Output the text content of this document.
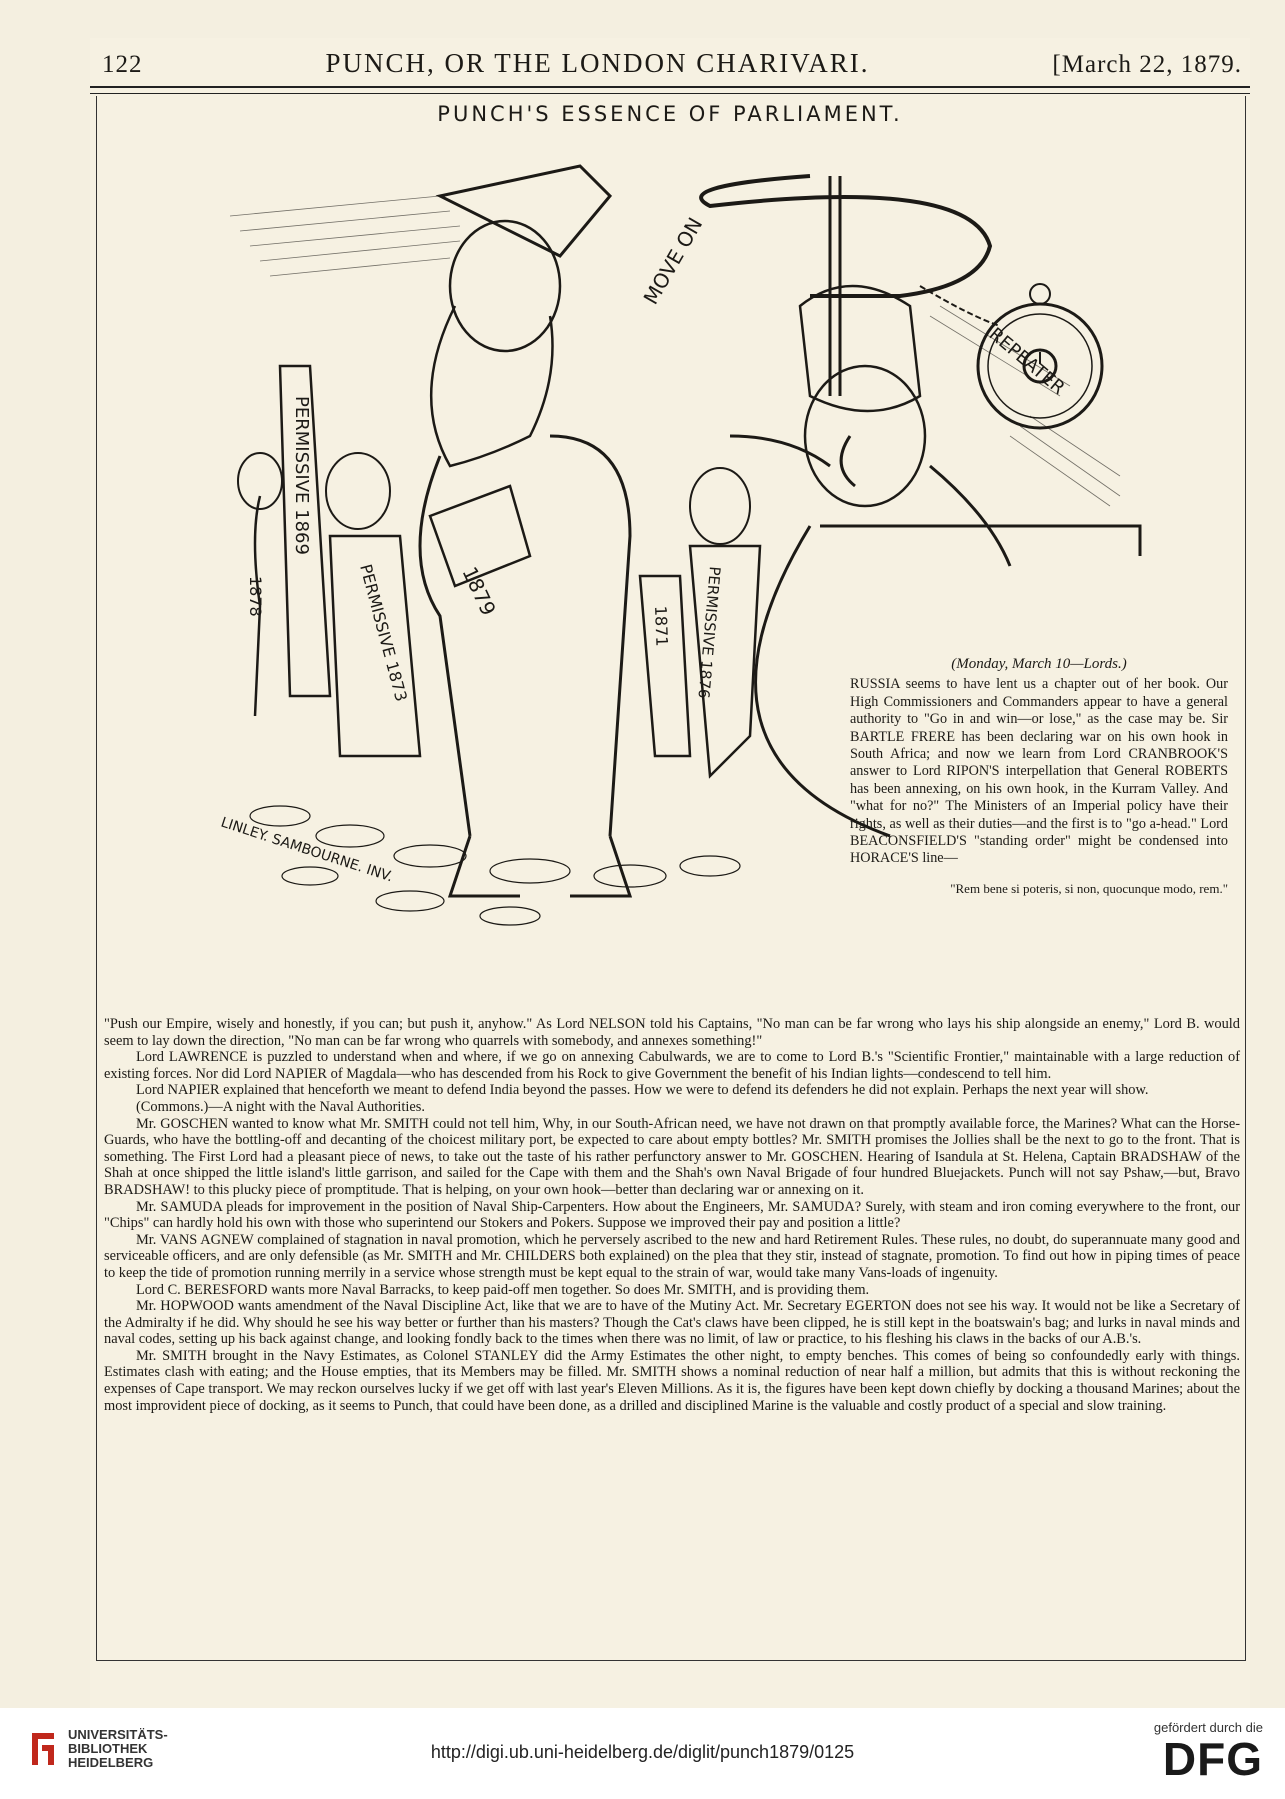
122	PUNCH, OR THE LONDON CHARIVARI.	[March 22, 1879.
PUNCH'S ESSENCE OF PARLIAMENT.
MOVE ON
REPEATER
1879
1878
PERMISSIVE 1869
PERMISSIVE 1873	1871 PERMISSIVE 1876
LINLEY. SAMBOURNE. INV.
(Monday, March 10—Lords.)
RUSSIA seems to have lent us a chapter out of her book. Our High Commissioners and Commanders appear to have a general authority to "Go in and win—or lose," as the case may be. Sir BARTLE FRERE has been declaring war on his own hook in South Africa; and now we learn from Lord CRANBROOK'S answer to Lord RIPON'S interpellation that General ROBERTS has been annexing, on his own hook, in the Kurram Valley. And "what for no?" The Ministers of an Imperial policy have their rights, as well as their duties—and the first is to "go a-head." Lord BEACONSFIELD'S "standing order" might be condensed into HORACE'S line—
"Rem bene si poteris, si non, quocunque modo, rem."

"Push our Empire, wisely and honestly, if you can; but push it, anyhow." As Lord NELSON told his Captains, "No man can be far wrong who lays his ship alongside an enemy," Lord B. would seem to lay down the direction, "No man can be far wrong who quarrels with somebody, and annexes something!"

Lord LAWRENCE is puzzled to understand when and where, if we go on annexing Cabulwards, we are to come to Lord B.'s "Scientific Frontier," maintainable with a large reduction of existing forces. Nor did Lord NAPIER of Magdala—who has descended from his Rock to give Government the benefit of his Indian lights—condescend to tell him.

Lord NAPIER explained that henceforth we meant to defend India beyond the passes. How we were to defend its defenders he did not explain. Perhaps the next year will show.

(Commons.)—A night with the Naval Authorities.

Mr. GOSCHEN wanted to know what Mr. SMITH could not tell him, Why, in our South-African need, we have not drawn on that promptly available force, the Marines? What can the Horse-Guards, who have the bottling-off and decanting of the choicest military port, be expected to care about empty bottles? Mr. SMITH promises the Jollies shall be the next to go to the front. That is something. The First Lord had a pleasant piece of news, to take out the taste of his rather perfunctory answer to Mr. GOSCHEN. Hearing of Isandula at St. Helena, Captain BRADSHAW of the Shah at once shipped the little island's little garrison, and sailed for the Cape with them and the Shah's own Naval Brigade of four hundred Bluejackets. Punch will not say Pshaw,—but, Bravo BRADSHAW! to this plucky piece of promptitude. That is helping, on your own hook—better than declaring war or annexing on it.

Mr. SAMUDA pleads for improvement in the position of Naval Ship-Carpenters. How about the Engineers, Mr. SAMUDA? Surely, with steam and iron coming everywhere to the front, our "Chips" can hardly hold his own with those who superintend our Stokers and Pokers. Suppose we improved their pay and position a little?

Mr. VANS AGNEW complained of stagnation in naval promotion, which he perversely ascribed to the new and hard Retirement Rules. These rules, no doubt, do superannuate many good and serviceable officers, and are only defensible (as Mr. SMITH and Mr. CHILDERS both explained) on the plea that they stir, instead of stagnate, promotion. To find out how in piping times of peace to keep the tide of promotion running merrily in a service whose strength must be kept equal to the strain of war, would take many Vans-loads of ingenuity.

Lord C. BERESFORD wants more Naval Barracks, to keep paid-off men together. So does Mr. SMITH, and is providing them.

Mr. HOPWOOD wants amendment of the Naval Discipline Act, like that we are to have of the Mutiny Act. Mr. Secretary EGERTON does not see his way. It would not be like a Secretary of the Admiralty if he did. Why should he see his way better or further than his masters? Though the Cat's claws have been clipped, he is still kept in the boatswain's bag; and lurks in naval minds and naval codes, setting up his back against change, and looking fondly back to the times when there was no limit, of law or practice, to his fleshing his claws in the backs of our A.B.'s.

Mr. SMITH brought in the Navy Estimates, as Colonel STANLEY did the Army Estimates the other night, to empty benches. This comes of being so confoundedly early with things. Estimates clash with eating; and the House empties, that its Members may be filled. Mr. SMITH shows a nominal reduction of near half a million, but admits that this is without reckoning the expenses of Cape transport. We may reckon ourselves lucky if we get off with last year's Eleven Millions. As it is, the figures have been kept down chiefly by docking a thousand Marines; about the most improvident piece of docking, as it seems to Punch, that could have been done, as a drilled and disciplined Marine is the valuable and costly product of a special and slow training.

UNIVERSITÄTS-
BIBLIOTHEK
HEIDELBERG
http://digi.ub.uni-heidelberg.de/diglit/punch1879/0125
gefördert durch die
DFG
